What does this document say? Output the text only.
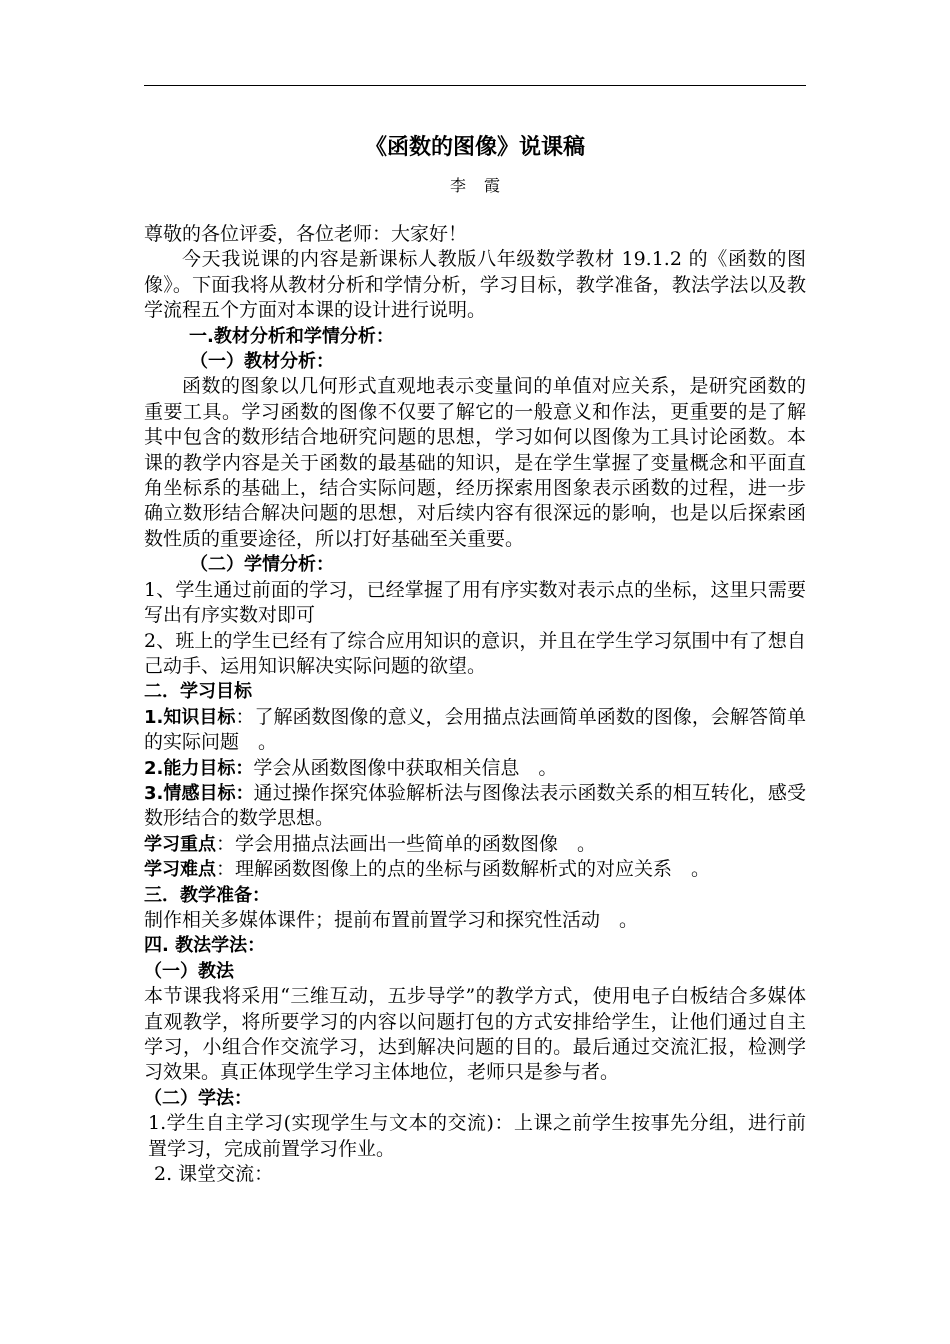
《函数的图像》说课稿
李霞

尊敬的各位评委，各位老师：大家好！

今天我说课的内容是新课标人教版八年级数学教材 19.1.2 的《函数的图像》。下面我将从教材分析和学情分析，学习目标，教学准备，教法学法以及教学流程五个方面对本课的设计进行说明。

一.教材分析和学情分析：

（一）教材分析：

函数的图象以几何形式直观地表示变量间的单值对应关系，是研究函数的重要工具。学习函数的图像不仅要了解它的一般意义和作法，更重要的是了解其中包含的数形结合地研究问题的思想，学习如何以图像为工具讨论函数。本课的教学内容是关于函数的最基础的知识，是在学生掌握了变量概念和平面直角坐标系的基础上，结合实际问题，经历探索用图象表示函数的过程，进一步确立数形结合解决问题的思想，对后续内容有很深远的影响，也是以后探索函数性质的重要途径，所以打好基础至关重要。

（二）学情分析：

1、学生通过前面的学习，已经掌握了用有序实数对表示点的坐标，这里只需要写出有序实数对即可

2、班上的学生已经有了综合应用知识的意识，并且在学生学习氛围中有了想自己动手、运用知识解决实际问题的欲望。

二．学习目标

1.知识目标：了解函数图像的意义，会用描点法画简单函数的图像，会解答简单的实际问题　。

2.能力目标：学会从函数图像中获取相关信息　。

3.情感目标：通过操作探究体验解析法与图像法表示函数关系的相互转化，感受数形结合的数学思想。

学习重点：学会用描点法画出一些简单的函数图像　。

学习难点：理解函数图像上的点的坐标与函数解析式的对应关系　。

三．教学准备：

制作相关多媒体课件；提前布置前置学习和探究性活动　。

四. 教法学法：

（一）教法

本节课我将采用“三维互动，五步导学”的教学方式，使用电子白板结合多媒体直观教学，将所要学习的内容以问题打包的方式安排给学生，让他们通过自主学习，小组合作交流学习，达到解决问题的目的。最后通过交流汇报，检测学习效果。真正体现学生学习主体地位，老师只是参与者。

（二）学法：

1.学生自主学习(实现学生与文本的交流)：上课之前学生按事先分组，进行前置学习，完成前置学习作业。

2. 课堂交流：
